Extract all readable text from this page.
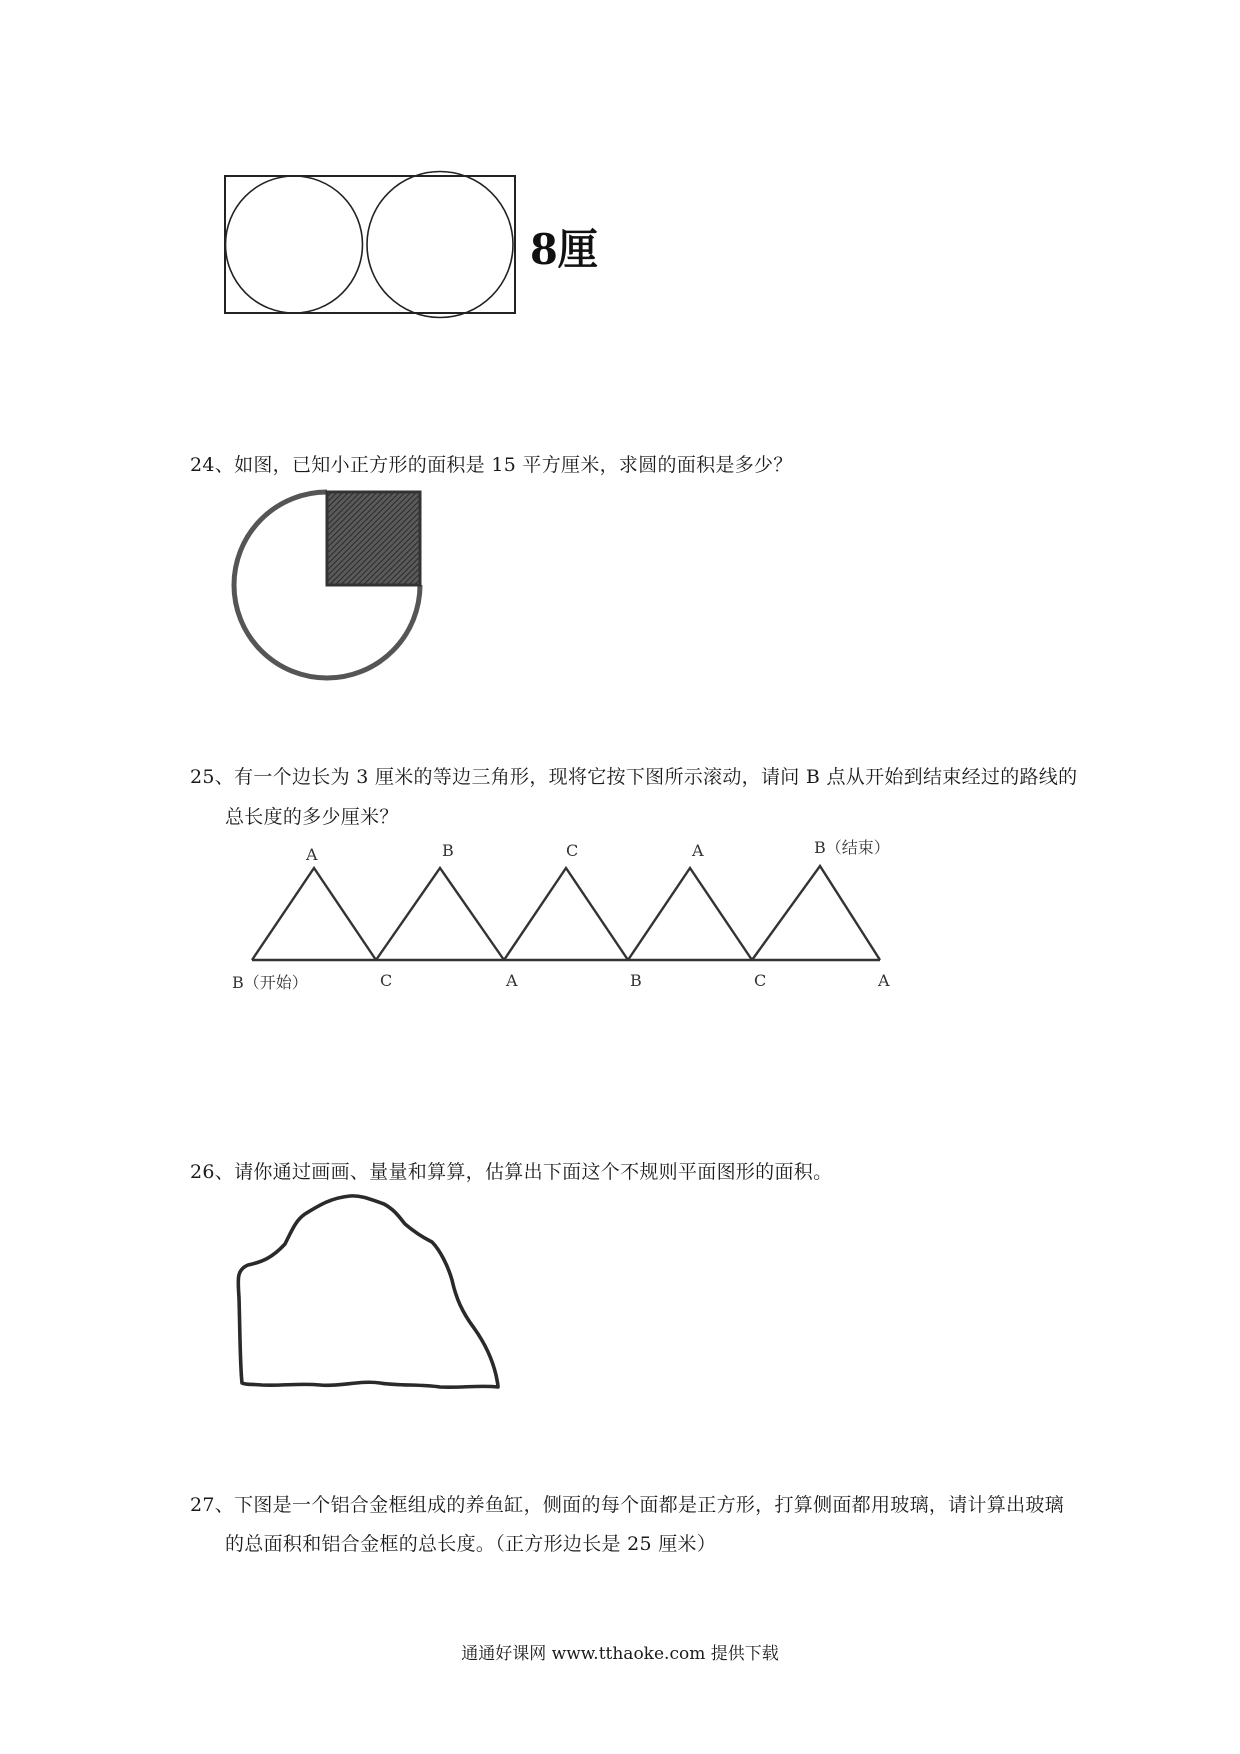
8厘
24、如图，已知小正方形的面积是 15 平方厘米，求圆的面积是多少？
25、有一个边长为 3 厘米的等边三角形，现将它按下图所示滚动，请问 B 点从开始到结束经过的路线的
总长度的多少厘米？
A	B	C	A	B（结束）
B（开始）	C	A	B	C	A
26、请你通过画画、量量和算算，估算出下面这个不规则平面图形的面积。
27、下图是一个铝合金框组成的养鱼缸，侧面的每个面都是正方形，打算侧面都用玻璃，请计算出玻璃
的总面积和铝合金框的总长度。（正方形边长是 25 厘米）
通通好课网 www.tthaoke.com 提供下载
